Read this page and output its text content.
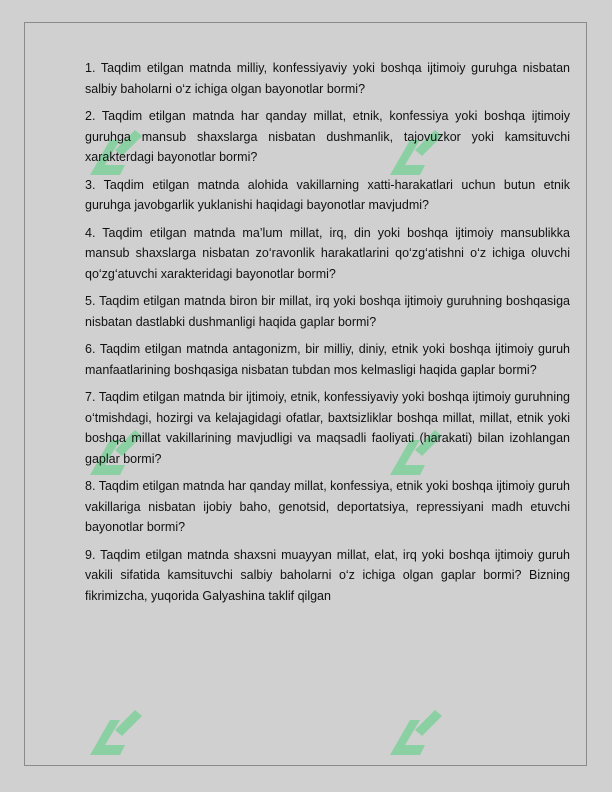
1. Taqdim etilgan matnda milliy, konfessiyaviy yoki boshqa ijtimoiy guruhga nisbatan salbiy baholarni o‘z ichiga olgan bayonotlar bormi?

2. Taqdim etilgan matnda har qanday millat, etnik, konfessiya yoki boshqa ijtimoiy guruhga mansub shaxslarga nisbatan dushmanlik, tajovuzkor yoki kamsituvchi xarakterdagi bayonotlar bormi?

3. Taqdim etilgan matnda alohida vakillarning xatti-harakatlari uchun butun etnik guruhga javobgarlik yuklanishi haqidagi bayonotlar mavjudmi?

4. Taqdim etilgan matnda ma’lum millat, irq, din yoki boshqa ijtimoiy mansublikka mansub shaxslarga nisbatan zo‘ravonlik harakatlarini qo‘zg‘atishni o‘z ichiga oluvchi qo‘zg‘atuvchi xarakteridagi bayonotlar bormi?

5. Taqdim etilgan matnda biron bir millat, irq yoki boshqa ijtimoiy guruhning boshqasiga nisbatan dastlabki dushmanligi haqida gaplar bormi?

6. Taqdim etilgan matnda antagonizm, bir milliy, diniy, etnik yoki boshqa ijtimoiy guruh manfaatlarining boshqasiga nisbatan tubdan mos kelmasligi haqida gaplar bormi?

7. Taqdim etilgan matnda bir ijtimoiy, etnik, konfessiyaviy yoki boshqa ijtimoiy guruhning o‘tmishdagi, hozirgi va kelajagidagi ofatlar, baxtsizliklar boshqa millat, millat, etnik yoki boshqa millat vakillarining mavjudligi va maqsadli faoliyati (harakati) bilan izohlangan gaplar bormi?

8. Taqdim etilgan matnda har qanday millat, konfessiya, etnik yoki boshqa ijtimoiy guruh vakillariga nisbatan ijobiy baho, genotsid, deportatsiya, repressiyani madh etuvchi bayonotlar bormi?

9. Taqdim etilgan matnda shaxsni muayyan millat, elat, irq yoki boshqa ijtimoiy guruh vakili sifatida kamsituvchi salbiy baholarni o‘z ichiga olgan gaplar bormi? Bizning fikrimizcha, yuqorida Galyashina taklif qilgan
